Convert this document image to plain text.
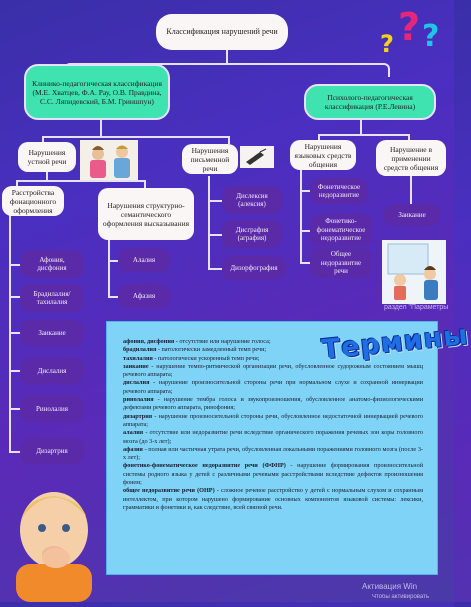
Классификация нарушений речи
Клинико-педагогическая классификация (М.Е. Хватцев, Ф.А. Рау, О.В. Правдина, С.С. Ляпидевский, Б.М. Гриншпун)	Психолого-педагогическая классификация (Р.Е.Левина)
Нарушения устной речи
Нарушения письменной речи
Расстройства фонационного оформления
Нарушения структурно-семантического оформления высказывания
Афония, дисфония
Брадилалия/ тахилалия
Заикание
Дислалия
Ринолалия
Дизартрия
Алалия
Афазия
Дислексия (алексия)
Дисграфия (аграфия)
Дизорфография
Нарушения языковых средств общения
Нарушение в применении средств общения
Фонетическое недоразвитие
Фонетико-фонематическое недоразвитие
Общее недоразвитие речи
Заикание
? ?
?
раздел "Параметры

афония, дисфония - отсутствие или нарушение голоса;

брадилалия - патологически замедленный темп речи;

тахилалия - патологически ускоренный темп речи;

заикание - нарушение темпо-ритмической организации речи, обусловленное судорожным состоянием мышц речевого аппарата;

дислалия - нарушение произносительной стороны речи при нормальном слухе и сохранной иннервации речевого аппарата;

ринолалия - нарушение тембра голоса и звукопроизношения, обусловленное анатомо-физиологическими дефектами речевого аппарата, ринофония;

дизартрия - нарушение произносительной стороны речи, обусловленное недостаточной иннервацией речевого аппарата;

алалия - отсутствие или недоразвитие речи вследствие органического поражения речевых зон коры головного мозга (до 3-х лет);

афазия - полная или частичная утрата речи, обусловленная локальными поражениями головного мозга (после 3-х лет);

фонетико-фонематическое недоразвитие речи (ФФНР) - нарушение формирования произносительной системы родного языка у детей с различными речевыми расстройствами вследствие дефектов произношения фонем;

общее недоразвитие речи (ОНР) - сложное речевое расстройство у детей с нормальным слухом и сохранным интеллектом, при котором нарушено формирование основных компонентов языковой системы: лексики, грамматики и фонетики и, как следствие, всей связной речи.

Термины
Активация Win
Чтобы активировать
